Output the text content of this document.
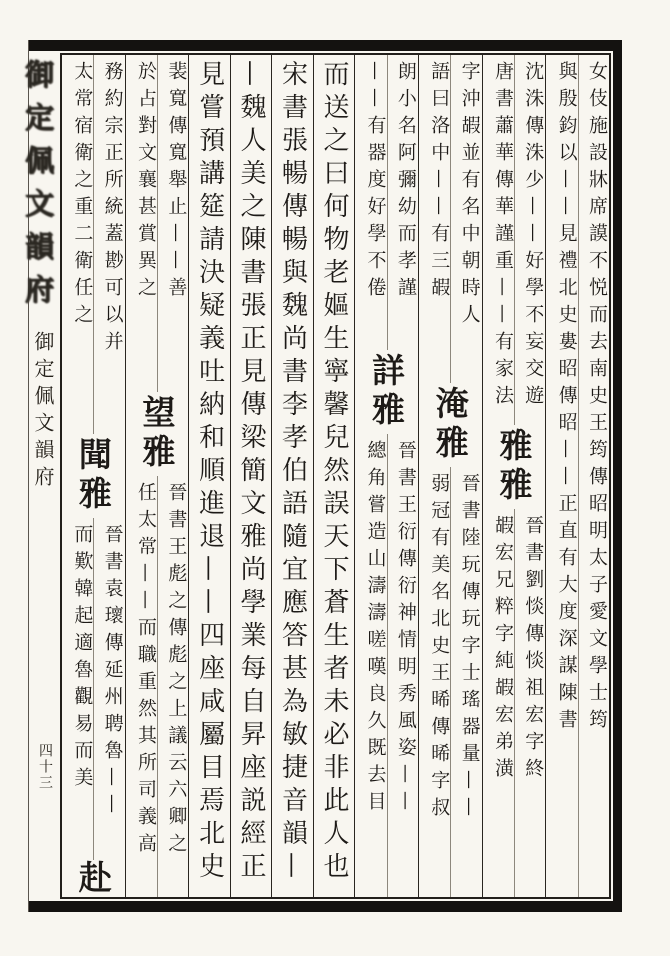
御定佩文韻府
御定佩文韻府
四十三
女伎施設牀席謨不悦而去南史王筠傳昭明太子愛文學士筠
與殷鈞以——見禮北史婁昭傳昭——正直有大度深謀陳書
沈洙傳洙少——好學不妄交遊
唐書蕭華傳華謹重——有家法
雅雅
晉書劉惔傳惔祖宏字終
嘏宏兄粹字純嘏宏弟潢
字沖嘏並有名中朝時人
語曰洛中——有三嘏
淹雅
晉書陸玩傳玩字士瑤器量——
弱冠有美名北史王晞傳晞字叔
朗小名阿彌幼而孝謹
——有器度好學不倦
詳雅
晉書王衍傳衍神情明秀風姿——
總角嘗造山濤濤嗟嘆良久既去目
而送之曰何物老嫗生寧馨兒然誤天下蒼生者未必非此人也
宋書張暢傳暢與魏尚書李孝伯語隨宜應答甚為敏捷音韻—
—魏人美之陳書張正見傳梁簡文雅尚學業每自昇座説經正
見嘗預講筵請決疑義吐納和順進退——四座咸屬目焉北史
裴寬傳寬舉止——善
於占對文襄甚賞異之
望雅
晉書王彪之傳彪之上議云六卿之
任太常——而職重然其所司義高
務約宗正所統蓋尠可以并
太常宿衛之重二衛任之
聞雅
晉書袁瓌傳延州聘魯——
而歎韓起適魯觀易而美
赴
